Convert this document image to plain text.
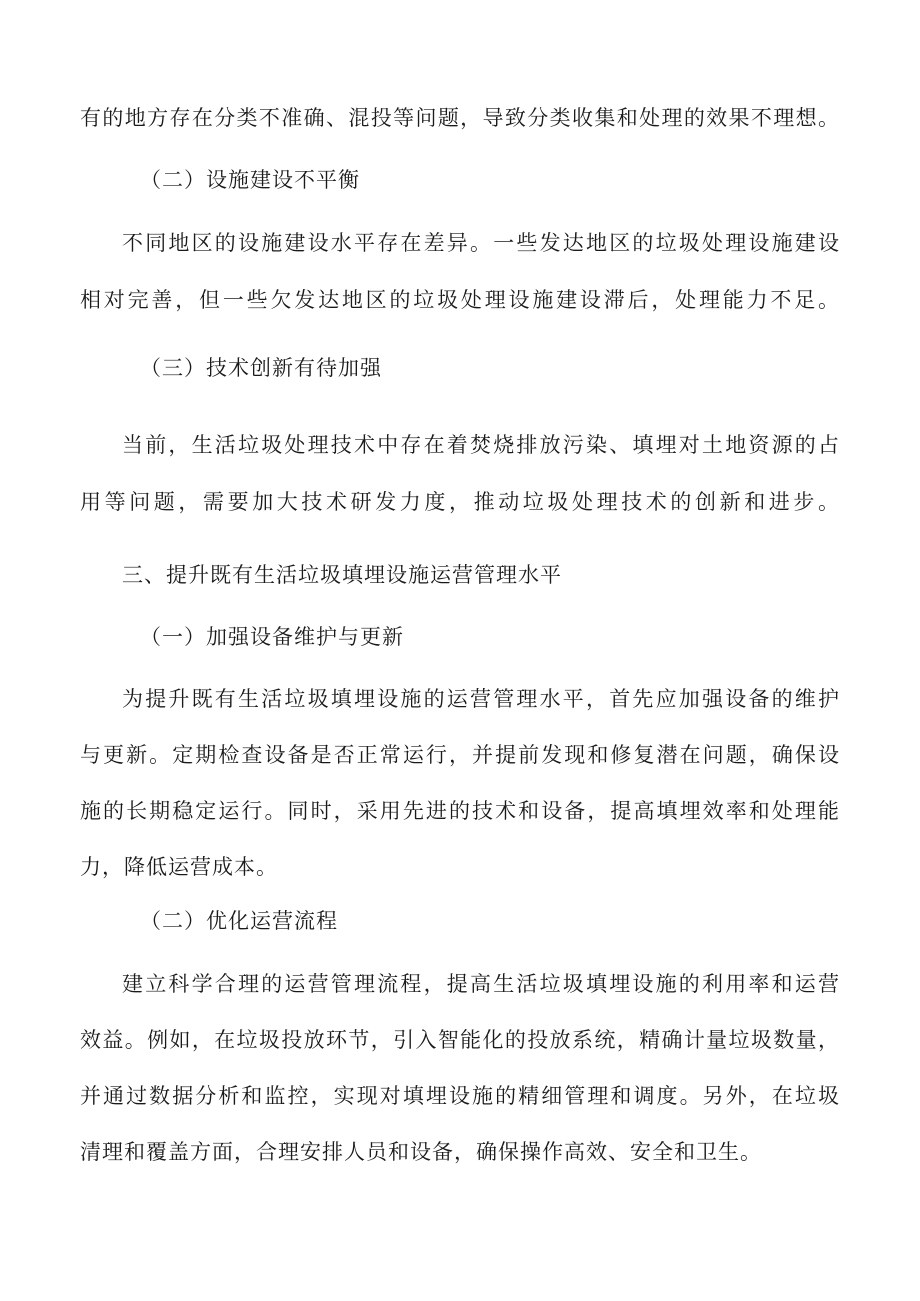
有的地方存在分类不准确、混投等问题，导致分类收集和处理的效果不理想。
（二）设施建设不平衡
不同地区的设施建设水平存在差异。一些发达地区的垃圾处理设施建设
相对完善，但一些欠发达地区的垃圾处理设施建设滞后，处理能力不足。
（三）技术创新有待加强
当前，生活垃圾处理技术中存在着焚烧排放污染、填埋对土地资源的占
用等问题，需要加大技术研发力度，推动垃圾处理技术的创新和进步。
三、提升既有生活垃圾填埋设施运营管理水平
（一）加强设备维护与更新
为提升既有生活垃圾填埋设施的运营管理水平，首先应加强设备的维护
与更新。定期检查设备是否正常运行，并提前发现和修复潜在问题，确保设
施的长期稳定运行。同时，采用先进的技术和设备，提高填埋效率和处理能
力，降低运营成本。
（二）优化运营流程
建立科学合理的运营管理流程，提高生活垃圾填埋设施的利用率和运营
效益。例如，在垃圾投放环节，引入智能化的投放系统，精确计量垃圾数量，
并通过数据分析和监控，实现对填埋设施的精细管理和调度。另外，在垃圾
清理和覆盖方面，合理安排人员和设备，确保操作高效、安全和卫生。
